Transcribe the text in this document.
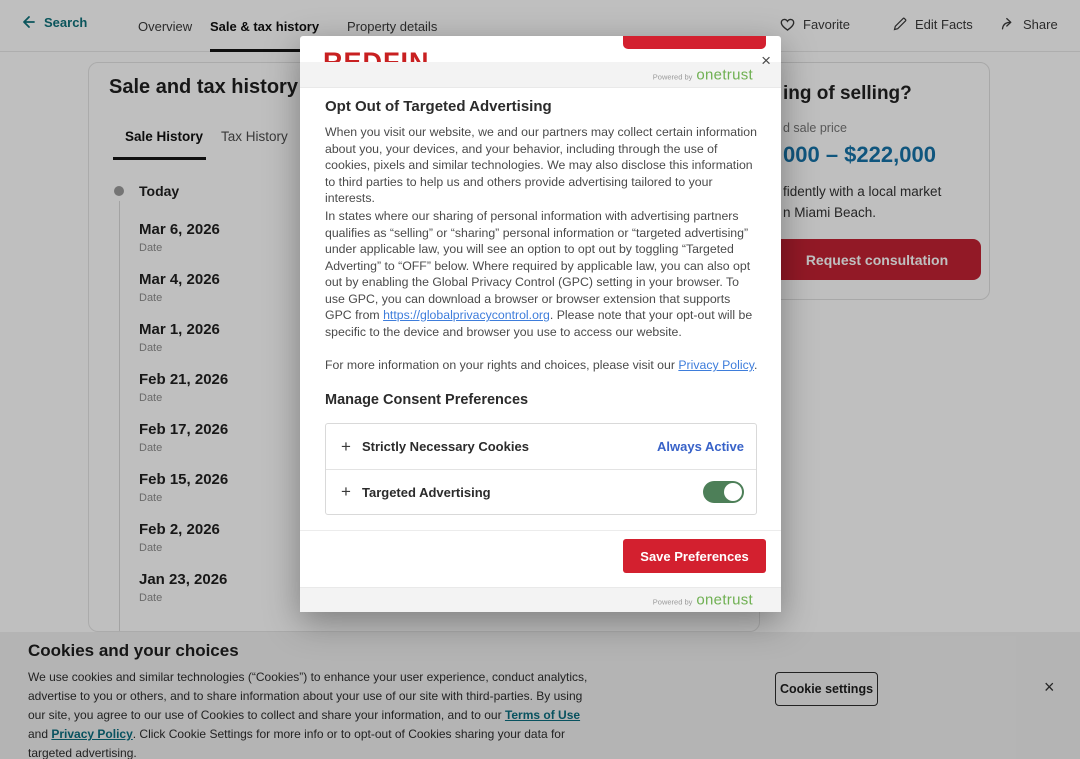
Search	Overview Sale & tax history Property details	Favorite	Edit Facts	Share
Sale and tax history
Sale History Tax History
Today
Mar 6, 2026
Date
Mar 4, 2026
Date
Mar 1, 2026
Date
Feb 21, 2026
Date
Feb 17, 2026
Date
Feb 15, 2026
Date
Feb 2, 2026
Date
Jan 23, 2026
Date
ing of selling?
d sale price
000 – $222,000
fidently with a local market
n Miami Beach.
Request consultation
Cookies and your choices
We use cookies and similar technologies (“Cookies”) to enhance your user experience, conduct analytics, advertise to you or others, and to share information about your use of our site with third-parties. By using our site, you agree to our use of Cookies to collect and share your information, and to our Terms of Use and Privacy Policy. Click Cookie Settings for more info or to opt-out of Cookies sharing your data for targeted advertising.
Cookie settings	×
Powered by onetrust
×
Opt Out of Targeted Advertising
When you visit our website, we and our partners may collect certain information about you, your devices, and your behavior, including through the use of cookies, pixels and similar technologies. We may also disclose this information to third parties to help us and others provide advertising tailored to your interests.
In states where our sharing of personal information with advertising partners qualifies as “selling” or “sharing” personal information or “targeted advertising” under applicable law, you will see an option to opt out by toggling “Targeted Adverting” to “OFF” below. Where required by applicable law, you can also opt out by enabling the Global Privacy Control (GPC) setting in your browser. To use GPC, you can download a browser or browser extension that supports GPC from https://globalprivacycontrol.org. Please note that your opt-out will be specific to the device and browser you use to access our website.
For more information on your rights and choices, please visit our Privacy Policy.
Manage Consent Preferences
+ Strictly Necessary Cookies	Always Active
+ Targeted Advertising
Save Preferences
Powered by onetrust
